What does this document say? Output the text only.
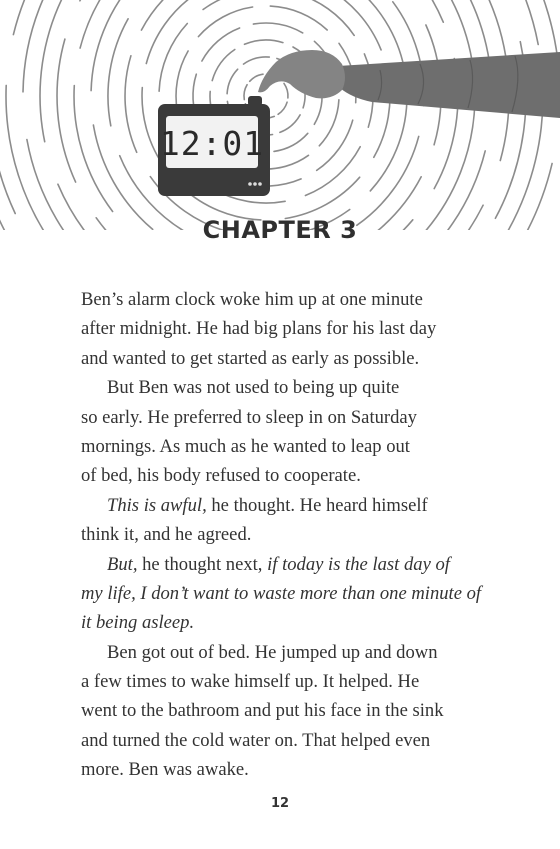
12:01
CHAPTER 3
Ben’s alarm clock woke him up at one minute
after midnight. He had big plans for his last day
and wanted to get started as early as possible.
But Ben was not used to being up quite
so early. He preferred to sleep in on Saturday
mornings. As much as he wanted to leap out
of bed, his body refused to cooperate.
This is awful, he thought. He heard himself
think it, and he agreed.
But, he thought next, if today is the last day of
my life, I don’t want to waste more than one minute of
it being asleep.
Ben got out of bed. He jumped up and down
a few times to wake himself up. It helped. He
went to the bathroom and put his face in the sink
and turned the cold water on. That helped even
more. Ben was awake.
12
